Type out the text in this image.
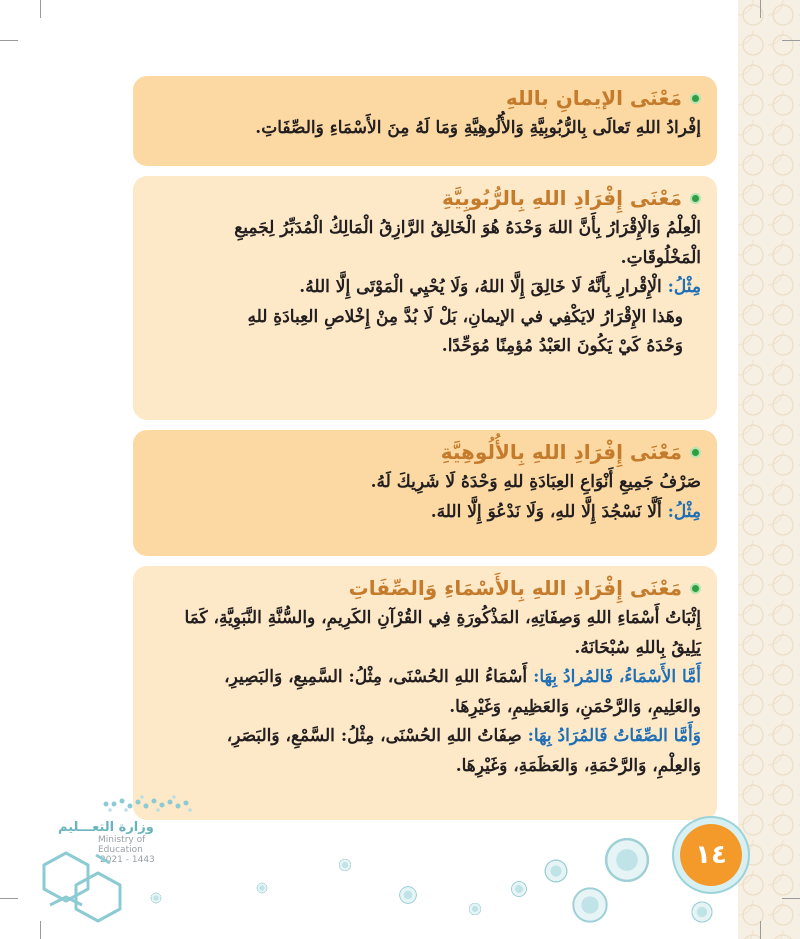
مَعْنَى الإيمانِ باللهِ
إفْرادُ اللهِ تَعالَى بِالرُّبُوبِيَّةِ وَالأُلُوهِيَّةِ وَمَا لَهُ مِنَ الأَسْمَاءِ وَالصِّفَاتِ.
مَعْنَى إِفْرَادِ اللهِ بِالرُّبُوبِيَّةِ
الْعِلْمُ وَالْإِقْرَارُ بِأَنَّ اللهَ وَحْدَهُ هُوَ الْخَالِقُ الرَّازِقُ الْمَالِكُ الْمُدَبِّرُ لِجَمِيعِ
الْمَخْلُوقَاتِ.
مِثْلُ: الْإِقْرارِ بِأَنَّهُ لَا خَالِقَ إِلَّا اللهُ، وَلَا يُحْيِي الْمَوْتَى إِلَّا اللهُ.
وهَذا الإِقْرَارُ لايَكْفِي في الإيمانِ، بَلْ لَا بُدَّ مِنْ إِخْلاصِ العِبادَةِ للهِ
وَحْدَهُ كَيْ يَكُونَ العَبْدُ مُؤمِنًا مُوَحِّدًا.
مَعْنَى إِفْرَادِ اللهِ بِالأُلُوهِيَّةِ
صَرْفُ جَمِيعِ أَنْوَاعِ العِبَادَةِ للهِ وَحْدَهُ لَا شَرِيكَ لَهُ.
مِثْلُ: أَلَّا نَسْجُدَ إِلَّا للهِ، وَلَا نَدْعُوَ إِلَّا اللهَ.
مَعْنَى إِفْرَادِ اللهِ بِالأَسْمَاءِ وَالصِّفَاتِ
إِثْبَاتُ أَسْمَاءِ اللهِ وَصِفَاتِهِ، المَذْكُورَةِ فِي القُرْآنِ الكَرِيمِ، والسُّنَّةِ النَّبَوِيَّةِ، كَمَا
يَلِيقُ بِاللهِ سُبْحَانَهُ.
أَمَّا الأَسْمَاءُ، فَالمُرادُ بِهَا: أَسْمَاءُ اللهِ الحُسْنَى، مِثْلُ: السَّمِيعِ، وَالبَصِيرِ،
والعَلِيمِ، وَالرَّحْمَنِ، وَالعَظِيمِ، وَغَيْرِهَا.
وَأَمَّا الصِّفَاتُ فَالمُرَادُ بِهَا: صِفَاتُ اللهِ الحُسْنَى، مِثْلُ: السَّمْعِ، وَالبَصَرِ،
وَالعِلْمِ، وَالرَّحْمَةِ، وَالعَظَمَةِ، وَغَيْرِهَا.
١٤
وزارة التعـــليم
Ministry of Education
2021 - 1443
